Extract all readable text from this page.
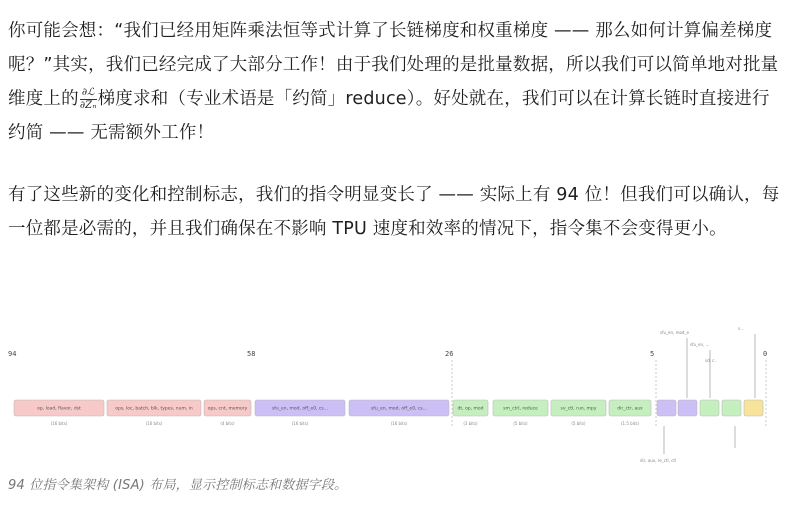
你可能会想：“我们已经用矩阵乘法恒等式计算了长链梯度和权重梯度 —— 那么如何计算偏差梯度呢？”其实，我们已经完成了大部分工作！由于我们处理的是批量数据，所以我们可以简单地对批量维度上的 $\frac{\text{∂ℒ}}{\text{∂Zₙ}}$ 梯度求和（专业术语是「约简」reduce）。好处就在，我们可以在计算长链时直接进行约简 —— 无需额外工作！

有了这些新的变化和控制标志，我们的指令明显变长了 —— 实际上有 94 位！但我们可以确认，每一位都是必需的，并且我们确保在不影响 TPU 速度和效率的情况下，指令集不会变得更小。

94	58	26	5	0
sfu_en, mod_e
sfu_en, ...
sd, c..
s...
dir, aux, re_ctl, ctl
op, load, flavor, dst
(16 bits)
ops, loc, batch, blk, types, num, in
(16 bits)
ops, cnt, memory
(4 bits)
sfu_en, mod, off_e0, cs...
(16 bits)
sfu_en, mod, off_e0, cs...
(16 bits)
dt, op, mod
(3 bits)
sm_ctrl, reduce
(5 bits)
sv_ctl, run, mpy
(5 bits)
dir_ctr, aux
(1.5 bits)
94 位指令集架构 (ISA) 布局，显示控制标志和数据字段。
